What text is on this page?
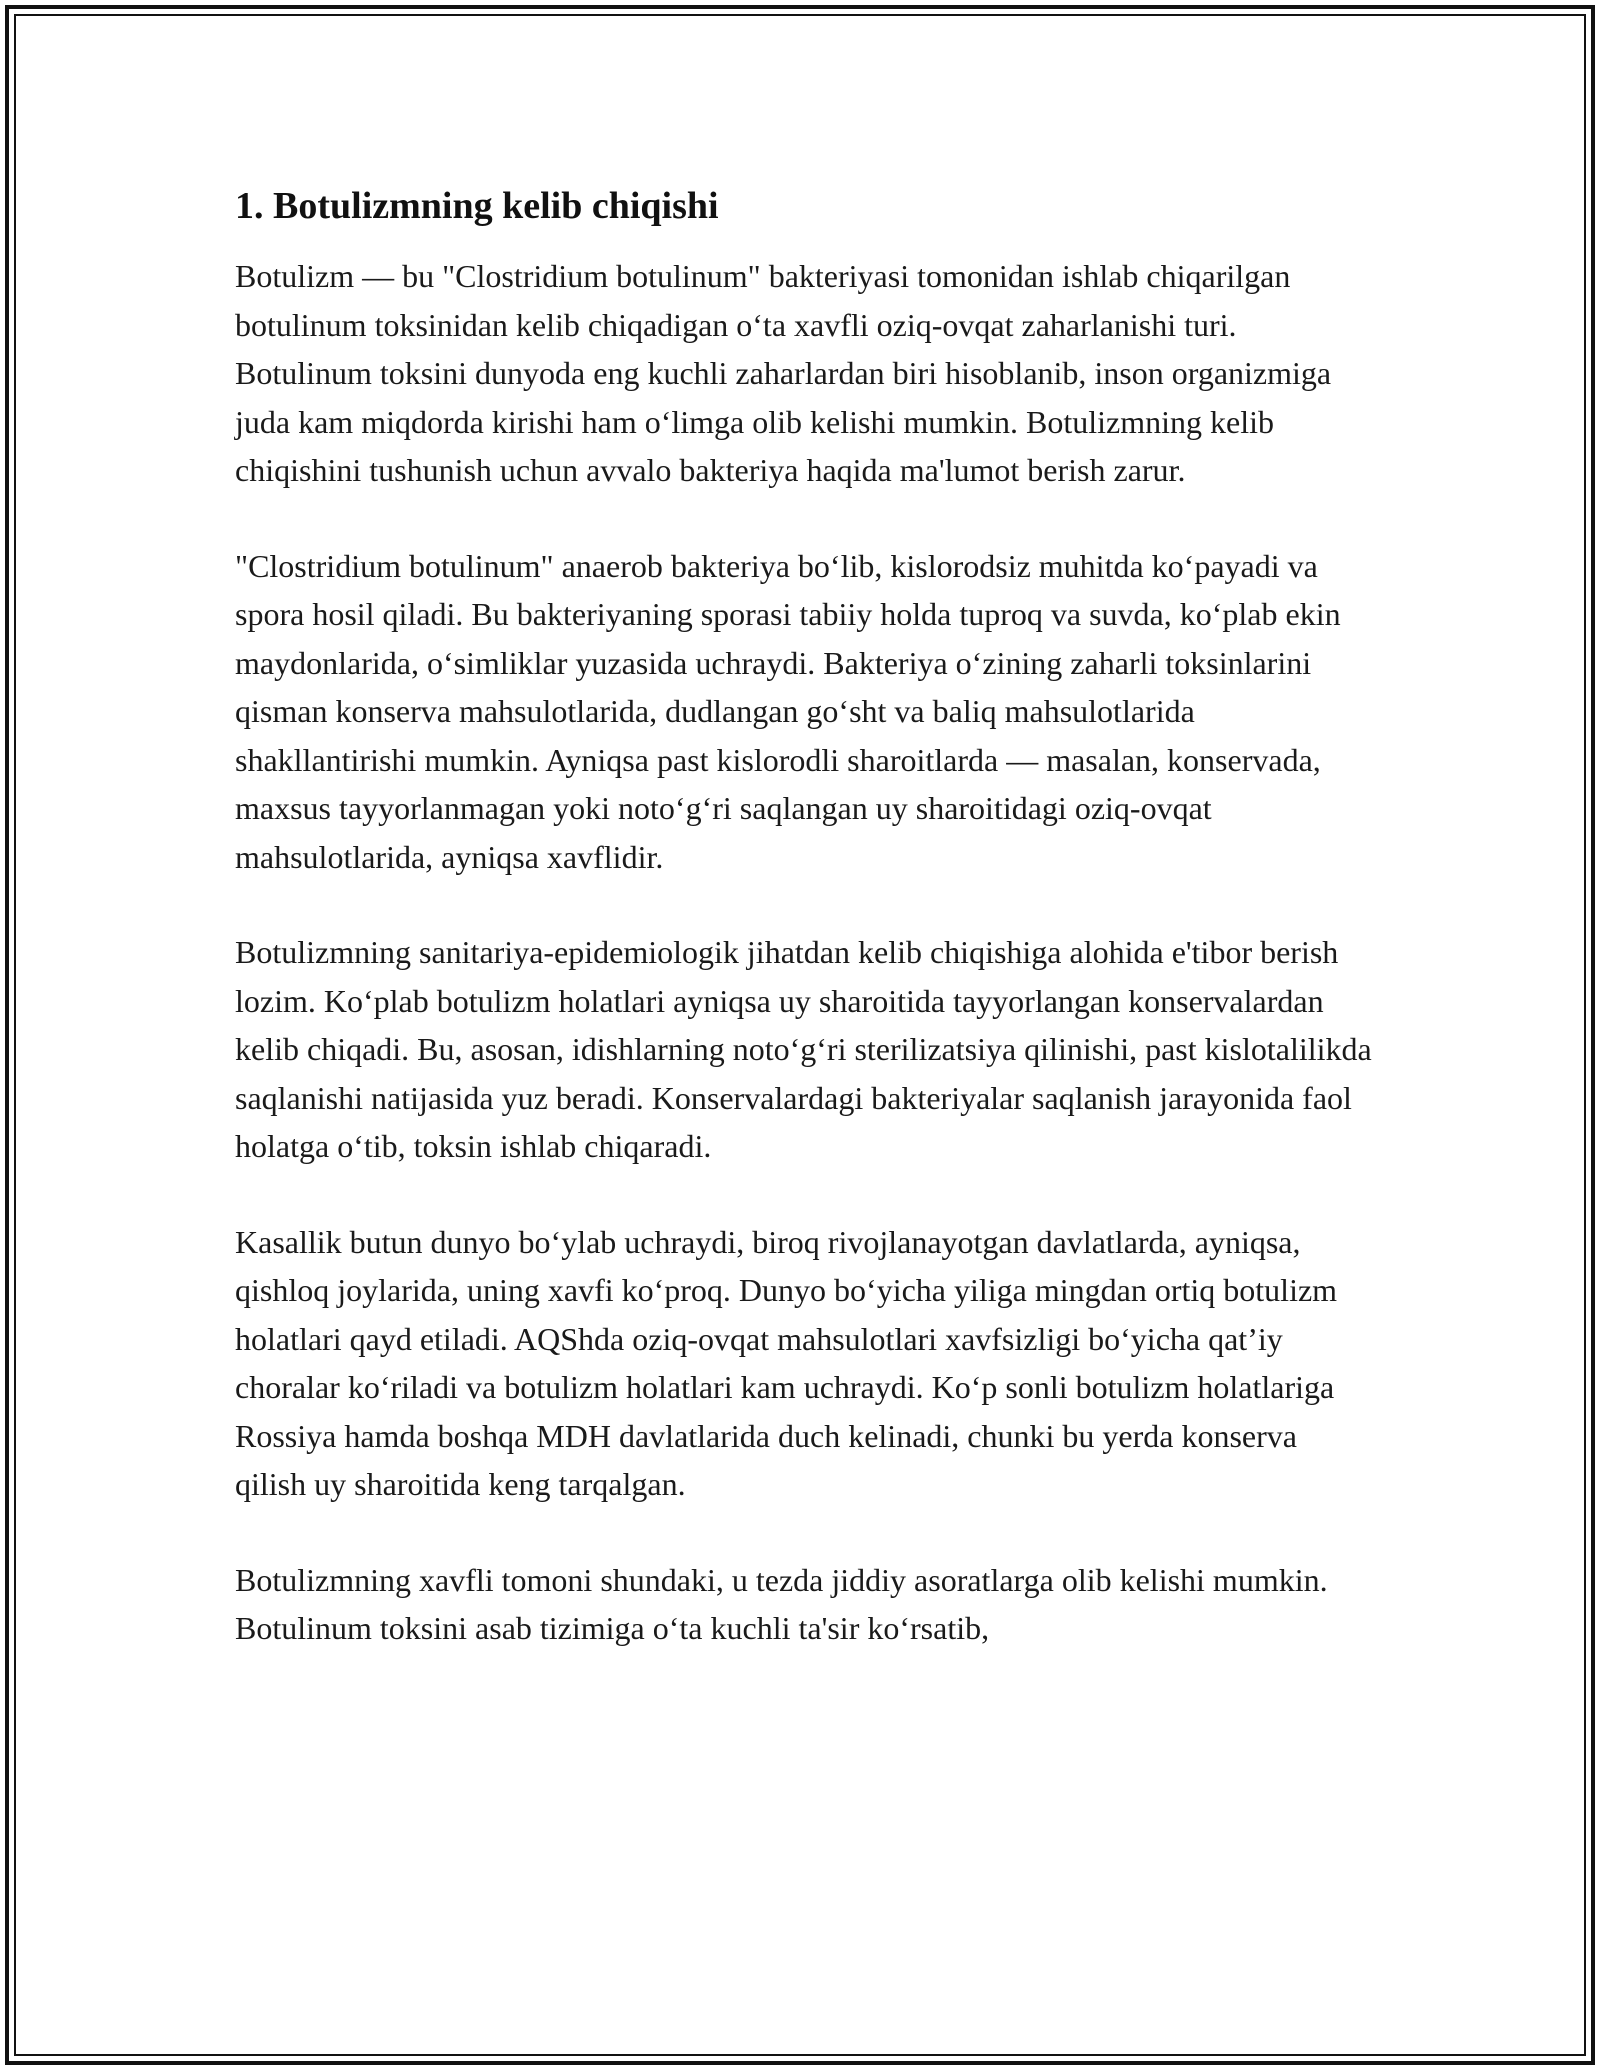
1. Botulizmning kelib chiqishi

Botulizm — bu "Clostridium botulinum" bakteriyasi tomonidan ishlab chiqarilgan botulinum toksinidan kelib chiqadigan o‘ta xavfli oziq-ovqat zaharlanishi turi. Botulinum toksini dunyoda eng kuchli zaharlardan biri hisoblanib, inson organizmiga juda kam miqdorda kirishi ham o‘limga olib kelishi mumkin. Botulizmning kelib chiqishini tushunish uchun avvalo bakteriya haqida ma'lumot berish zarur.

"Clostridium botulinum" anaerob bakteriya bo‘lib, kislorodsiz muhitda ko‘payadi va spora hosil qiladi. Bu bakteriyaning sporasi tabiiy holda tuproq va suvda, ko‘plab ekin maydonlarida, o‘simliklar yuzasida uchraydi. Bakteriya o‘zining zaharli toksinlarini qisman konserva mahsulotlarida, dudlangan go‘sht va baliq mahsulotlarida shakllantirishi mumkin. Ayniqsa past kislorodli sharoitlarda — masalan, konservada, maxsus tayyorlanmagan yoki noto‘g‘ri saqlangan uy sharoitidagi oziq-ovqat mahsulotlarida, ayniqsa xavflidir.

Botulizmning sanitariya-epidemiologik jihatdan kelib chiqishiga alohida e'tibor berish lozim. Ko‘plab botulizm holatlari ayniqsa uy sharoitida tayyorlangan konservalardan kelib chiqadi. Bu, asosan, idishlarning noto‘g‘ri sterilizatsiya qilinishi, past kislotalilikda saqlanishi natijasida yuz beradi. Konservalardagi bakteriyalar saqlanish jarayonida faol holatga o‘tib, toksin ishlab chiqaradi.

Kasallik butun dunyo bo‘ylab uchraydi, biroq rivojlanayotgan davlatlarda, ayniqsa, qishloq joylarida, uning xavfi ko‘proq. Dunyo bo‘yicha yiliga mingdan ortiq botulizm holatlari qayd etiladi. AQShda oziq-ovqat mahsulotlari xavfsizligi bo‘yicha qat’iy choralar ko‘riladi va botulizm holatlari kam uchraydi. Ko‘p sonli botulizm holatlariga Rossiya hamda boshqa MDH davlatlarida duch kelinadi, chunki bu yerda konserva qilish uy sharoitida keng tarqalgan.

Botulizmning xavfli tomoni shundaki, u tezda jiddiy asoratlarga olib kelishi mumkin. Botulinum toksini asab tizimiga o‘ta kuchli ta'sir ko‘rsatib,
